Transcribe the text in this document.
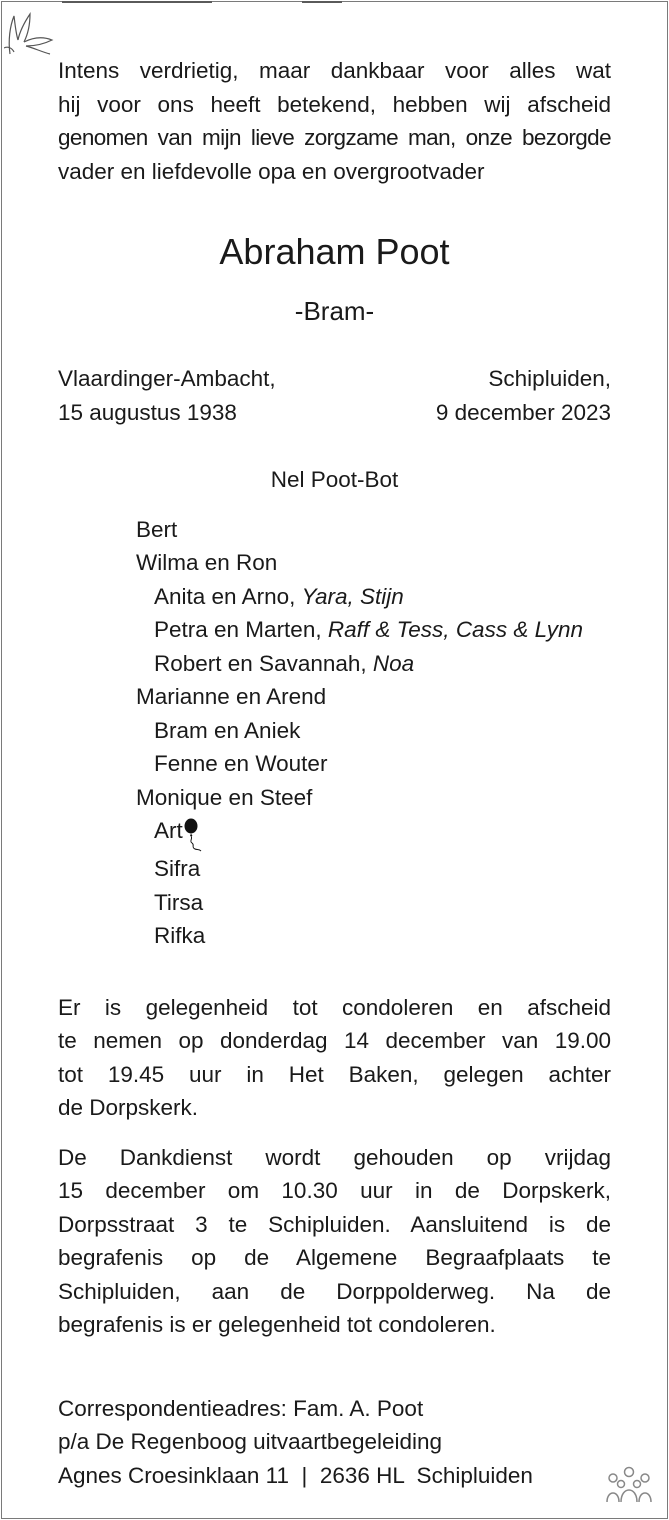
Intens verdrietig, maar dankbaar voor alles wat
hij voor ons heeft betekend, hebben wij afscheid
genomen van mijn lieve zorgzame man, onze bezorgde
vader en liefdevolle opa en overgrootvader

Abraham Poot
-Bram-
Vlaardinger-Ambacht,
15 augustus 1938
Schipluiden,
9 december 2023
Nel Poot-Bot
Bert
Wilma en Ron
Anita en Arno, Yara, Stijn
Petra en Marten, Raff & Tess, Cass & Lynn
Robert en Savannah, Noa
Marianne en Arend
Bram en Aniek
Fenne en Wouter
Monique en Steef
Art
Sifra
Tirsa
Rifka

Er is gelegenheid tot condoleren en afscheid
te nemen op donderdag 14 december van 19.00
tot 19.45 uur in Het Baken, gelegen achter
de Dorpskerk.

De Dankdienst wordt gehouden op vrijdag
15 december om 10.30 uur in de Dorpskerk,
Dorpsstraat 3 te Schipluiden. Aansluitend is de
begrafenis op de Algemene Begraafplaats te
Schipluiden, aan de Dorppolderweg. Na de
begrafenis is er gelegenheid tot condoleren.

Correspondentieadres: Fam. A. Poot
p/a De Regenboog uitvaartbegeleiding
Agnes Croesinklaan 11  |  2636 HL  Schipluiden
